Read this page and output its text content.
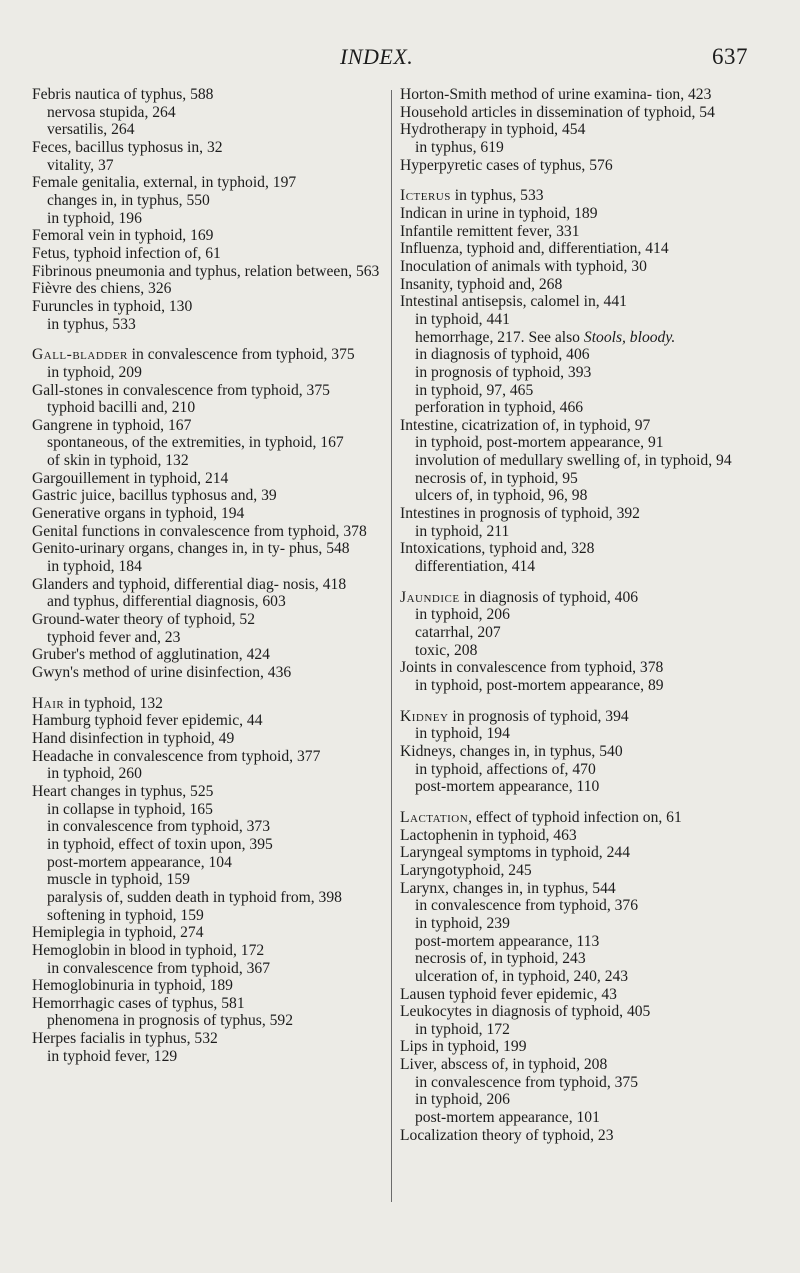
INDEX.	637
Febris nautica of typhus, 588
nervosa stupida, 264
versatilis, 264
Feces, bacillus typhosus in, 32
vitality, 37
Female genitalia, external, in typhoid, 197
changes in, in typhus, 550
in typhoid, 196
Femoral vein in typhoid, 169
Fetus, typhoid infection of, 61
Fibrinous pneumonia and typhus, relation between, 563
Fièvre des chiens, 326
Furuncles in typhoid, 130
in typhus, 533
Gall-bladder in convalescence from typhoid, 375
in typhoid, 209
Gall-stones in convalescence from typhoid, 375
typhoid bacilli and, 210
Gangrene in typhoid, 167
spontaneous, of the extremities, in typhoid, 167
of skin in typhoid, 132
Gargouillement in typhoid, 214
Gastric juice, bacillus typhosus and, 39
Generative organs in typhoid, 194
Genital functions in convalescence from typhoid, 378
Genito-urinary organs, changes in, in ty- phus, 548
in typhoid, 184
Glanders and typhoid, differential diag- nosis, 418
and typhus, differential diagnosis, 603
Ground-water theory of typhoid, 52
typhoid fever and, 23
Gruber's method of agglutination, 424
Gwyn's method of urine disinfection, 436
Hair in typhoid, 132
Hamburg typhoid fever epidemic, 44
Hand disinfection in typhoid, 49
Headache in convalescence from typhoid, 377
in typhoid, 260
Heart changes in typhus, 525
in collapse in typhoid, 165
in convalescence from typhoid, 373
in typhoid, effect of toxin upon, 395
post-mortem appearance, 104
muscle in typhoid, 159
paralysis of, sudden death in typhoid from, 398
softening in typhoid, 159
Hemiplegia in typhoid, 274
Hemoglobin in blood in typhoid, 172
in convalescence from typhoid, 367
Hemoglobinuria in typhoid, 189
Hemorrhagic cases of typhus, 581
phenomena in prognosis of typhus, 592
Herpes facialis in typhus, 532
in typhoid fever, 129
Horton-Smith method of urine examina- tion, 423
Household articles in dissemination of typhoid, 54
Hydrotherapy in typhoid, 454
in typhus, 619
Hyperpyretic cases of typhus, 576
Icterus in typhus, 533
Indican in urine in typhoid, 189
Infantile remittent fever, 331
Influenza, typhoid and, differentiation, 414
Inoculation of animals with typhoid, 30
Insanity, typhoid and, 268
Intestinal antisepsis, calomel in, 441
in typhoid, 441
hemorrhage, 217. See also Stools, bloody.
in diagnosis of typhoid, 406
in prognosis of typhoid, 393
in typhoid, 97, 465
perforation in typhoid, 466
Intestine, cicatrization of, in typhoid, 97
in typhoid, post-mortem appearance, 91
involution of medullary swelling of, in typhoid, 94
necrosis of, in typhoid, 95
ulcers of, in typhoid, 96, 98
Intestines in prognosis of typhoid, 392
in typhoid, 211
Intoxications, typhoid and, 328
differentiation, 414
Jaundice in diagnosis of typhoid, 406
in typhoid, 206
catarrhal, 207
toxic, 208
Joints in convalescence from typhoid, 378
in typhoid, post-mortem appearance, 89
Kidney in prognosis of typhoid, 394
in typhoid, 194
Kidneys, changes in, in typhus, 540
in typhoid, affections of, 470
post-mortem appearance, 110
Lactation, effect of typhoid infection on, 61
Lactophenin in typhoid, 463
Laryngeal symptoms in typhoid, 244
Laryngotyphoid, 245
Larynx, changes in, in typhus, 544
in convalescence from typhoid, 376
in typhoid, 239
post-mortem appearance, 113
necrosis of, in typhoid, 243
ulceration of, in typhoid, 240, 243
Lausen typhoid fever epidemic, 43
Leukocytes in diagnosis of typhoid, 405
in typhoid, 172
Lips in typhoid, 199
Liver, abscess of, in typhoid, 208
in convalescence from typhoid, 375
in typhoid, 206
post-mortem appearance, 101
Localization theory of typhoid, 23
